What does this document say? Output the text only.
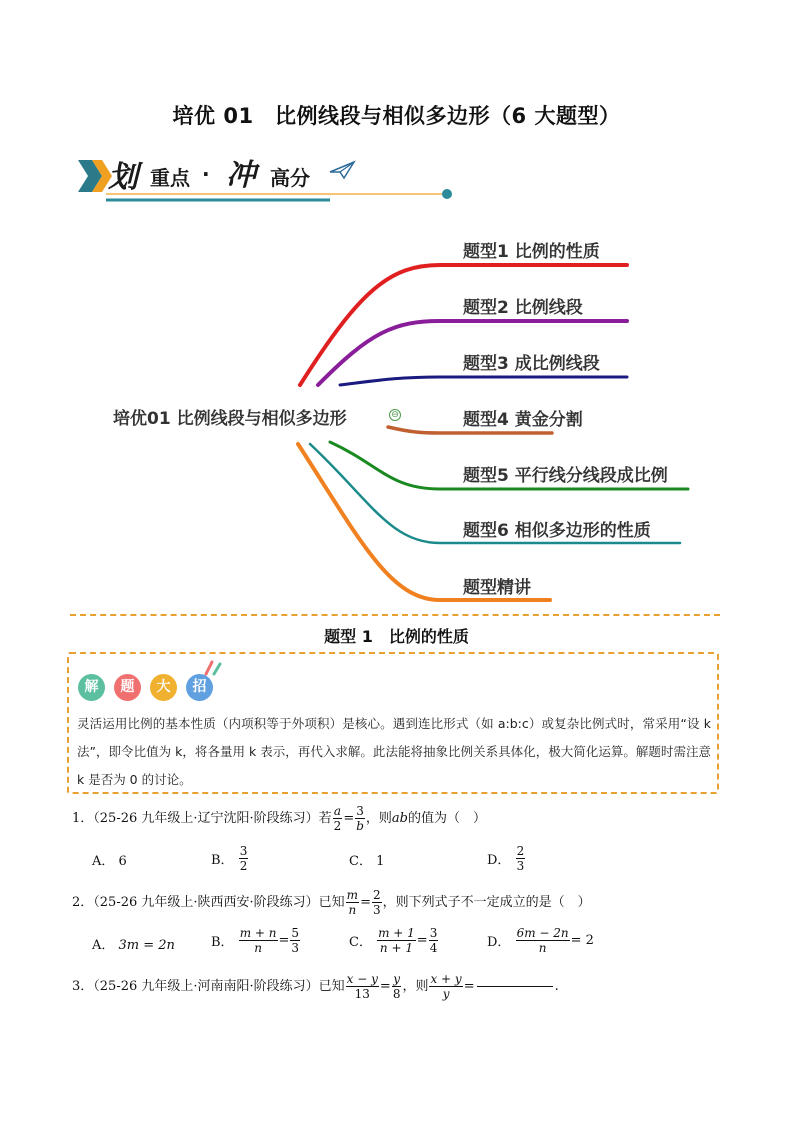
培优 01　比例线段与相似多边形（6 大题型）
划 重点 · 冲 高分
培优01 比例线段与相似多边形	⊖
题型1 比例的性质
题型2 比例线段
题型3 成比例线段
题型4 黄金分割
题型5 平行线分线段成比例
题型6 相似多边形的性质
题型精讲
题型 1　比例的性质
解	题	大	招
灵活运用比例的基本性质（内项积等于外项积）是核心。遇到连比形式（如 a:b:c）或复杂比例式时，常采用“设 k 法”，即令比值为 k，将各量用 k 表示，再代入求解。此法能将抽象比例关系具体化，极大简化运算。解题时需注意 k 是否为 0 的讨论。
1．（25-26 九年级上·辽宁沈阳·阶段练习）若 $\frac{a}{2} = \frac{3}{b}$ ，则ab的值为（　）
A． 6	B． $\frac{3}{2}$	C． 1	D． $\frac{2}{3}$
2．（25-26 九年级上·陕西西安·阶段练习）已知 $\frac{m}{n} = \frac{2}{3}$ ，则下列式子不一定成立的是（　）
A． 3m = 2n	B． $\frac{m + n}{n} = \frac{5}{3}$	C． $\frac{m + 1}{n + 1} = \frac{3}{4}$	D． $\frac{6m - 2n}{n} = 2$
3．（25-26 九年级上·河南南阳·阶段练习）已知 $\frac{x - y}{13} = \frac{y}{8}$ ，则 $\frac{x + y}{y}$ =	.
